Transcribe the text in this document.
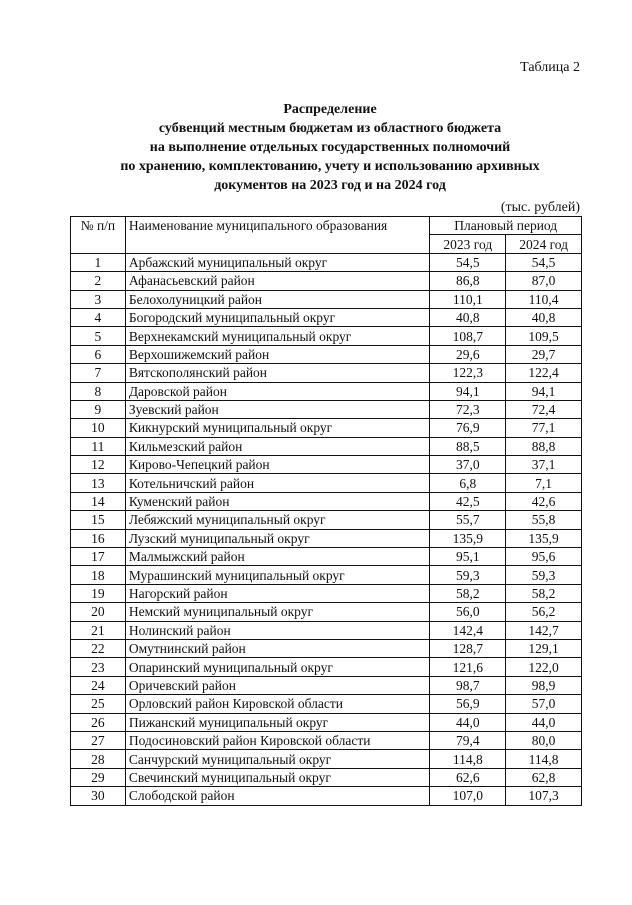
Таблица 2
Распределение
субвенций местным бюджетам из областного бюджета
на выполнение отдельных государственных полномочий
по хранению, комплектованию, учету и использованию архивных
документов на 2023 год и на 2024 год
(тыс. рублей)
№ п/п	Наименование муниципального образования	Плановый период	
		2023 год	2024 год
1	Арбажский муниципальный округ	54,5	54,5
2	Афанасьевский район	86,8	87,0
3	Белохолуницкий район	110,1	110,4
4	Богородский муниципальный округ	40,8	40,8
5	Верхнекамский муниципальный округ	108,7	109,5
6	Верхошижемский район	29,6	29,7
7	Вятскополянский район	122,3	122,4
8	Даровской район	94,1	94,1
9	Зуевский район	72,3	72,4
10	Кикнурский муниципальный округ	76,9	77,1
11	Кильмезский район	88,5	88,8
12	Кирово-Чепецкий район	37,0	37,1
13	Котельничский район	6,8	7,1
14	Куменский район	42,5	42,6
15	Лебяжский муниципальный округ	55,7	55,8
16	Лузский муниципальный округ	135,9	135,9
17	Малмыжский район	95,1	95,6
18	Мурашинский муниципальный округ	59,3	59,3
19	Нагорский район	58,2	58,2
20	Немский муниципальный округ	56,0	56,2
21	Нолинский район	142,4	142,7
22	Омутнинский район	128,7	129,1
23	Опаринский муниципальный округ	121,6	122,0
24	Оричевский район	98,7	98,9
25	Орловский район Кировской области	56,9	57,0
26	Пижанский муниципальный округ	44,0	44,0
27	Подосиновский район Кировской области	79,4	80,0
28	Санчурский муниципальный округ	114,8	114,8
29	Свечинский муниципальный округ	62,6	62,8
30	Слободской район	107,0	107,3
